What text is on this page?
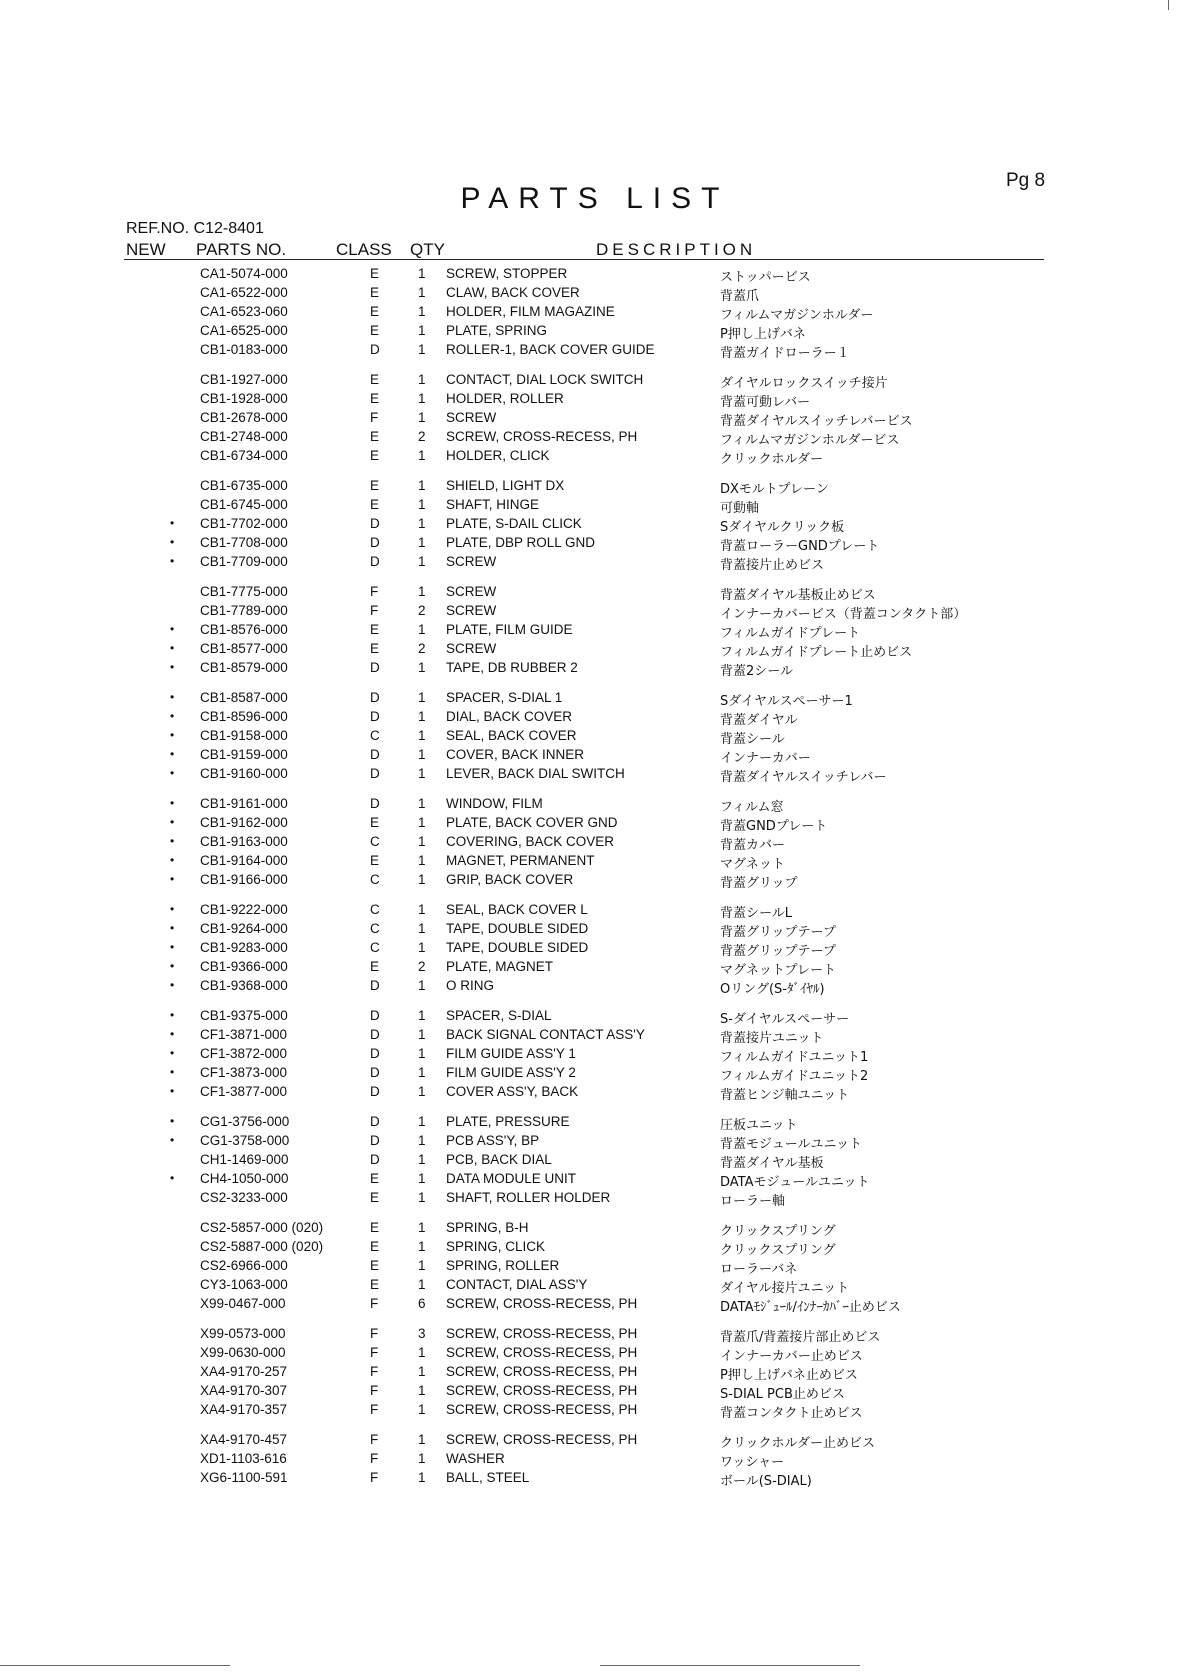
Pg 8
PARTS LIST
REF.NO. C12-8401
NEW PARTS NO.	CLASS QTY	DESCRIPTION
CA1-5074-000	E	1 SCREW, STOPPER	ストッパービス
CA1-6522-000	E	1 CLAW, BACK COVER	背蓋爪
CA1-6523-060	E	1 HOLDER, FILM MAGAZINE	フィルムマガジンホルダー
CA1-6525-000	E	1 PLATE, SPRING	P押し上げバネ
CB1-0183-000	D	1 ROLLER-1, BACK COVER GUIDE	背蓋ガイドローラー１
CB1-1927-000	E	1 CONTACT, DIAL LOCK SWITCH	ダイヤルロックスイッチ接片
CB1-1928-000	E	1 HOLDER, ROLLER	背蓋可動レバー
CB1-2678-000	F	1 SCREW	背蓋ダイヤルスイッチレバービス
CB1-2748-000	E	2 SCREW, CROSS-RECESS, PH	フィルムマガジンホルダービス
CB1-6734-000	E	1 HOLDER, CLICK	クリックホルダー
CB1-6735-000	E	1 SHIELD, LIGHT DX	DXモルトプレーン
CB1-6745-000	E	1 SHAFT, HINGE	可動軸
• CB1-7702-000	D	1 PLATE, S-DAIL CLICK	Sダイヤルクリック板
• CB1-7708-000	D	1 PLATE, DBP ROLL GND	背蓋ローラーGNDプレート
• CB1-7709-000	D	1 SCREW	背蓋接片止めビス
CB1-7775-000	F	1 SCREW	背蓋ダイヤル基板止めビス
CB1-7789-000	F	2 SCREW	インナーカバービス（背蓋コンタクト部）
• CB1-8576-000	E	1 PLATE, FILM GUIDE	フィルムガイドプレート
• CB1-8577-000	E	2 SCREW	フィルムガイドプレート止めビス
• CB1-8579-000	D	1 TAPE, DB RUBBER 2	背蓋2シール
• CB1-8587-000	D	1 SPACER, S-DIAL 1	Sダイヤルスペーサー1
• CB1-8596-000	D	1 DIAL, BACK COVER	背蓋ダイヤル
• CB1-9158-000	C	1 SEAL, BACK COVER	背蓋シール
• CB1-9159-000	D	1 COVER, BACK INNER	インナーカバー
• CB1-9160-000	D	1 LEVER, BACK DIAL SWITCH	背蓋ダイヤルスイッチレバー
• CB1-9161-000	D	1 WINDOW, FILM	フィルム窓
• CB1-9162-000	E	1 PLATE, BACK COVER GND	背蓋GNDプレート
• CB1-9163-000	C	1 COVERING, BACK COVER	背蓋カバー
• CB1-9164-000	E	1 MAGNET, PERMANENT	マグネット
• CB1-9166-000	C	1 GRIP, BACK COVER	背蓋グリップ
• CB1-9222-000	C	1 SEAL, BACK COVER L	背蓋シールL
• CB1-9264-000	C	1 TAPE, DOUBLE SIDED	背蓋グリップテープ
• CB1-9283-000	C	1 TAPE, DOUBLE SIDED	背蓋グリップテープ
• CB1-9366-000	E	2 PLATE, MAGNET	マグネットプレート
• CB1-9368-000	D	1 O RING	Oリング(S-ﾀﾞｲﾔﾙ)
• CB1-9375-000	D	1 SPACER, S-DIAL	S-ダイヤルスペーサー
• CF1-3871-000	D	1 BACK SIGNAL CONTACT ASS'Y	背蓋接片ユニット
• CF1-3872-000	D	1 FILM GUIDE ASS'Y 1	フィルムガイドユニット1
• CF1-3873-000	D	1 FILM GUIDE ASS'Y 2	フィルムガイドユニット2
• CF1-3877-000	D	1 COVER ASS'Y, BACK	背蓋ヒンジ軸ユニット
• CG1-3756-000	D	1 PLATE, PRESSURE	圧板ユニット
• CG1-3758-000	D	1 PCB ASS'Y, BP	背蓋モジュールユニット
CH1-1469-000	D	1 PCB, BACK DIAL	背蓋ダイヤル基板
• CH4-1050-000	E	1 DATA MODULE UNIT	DATAモジュールユニット
CS2-3233-000	E	1 SHAFT, ROLLER HOLDER	ローラー軸
CS2-5857-000 (020)	E	1 SPRING, B-H	クリックスプリング
CS2-5887-000 (020)	E	1 SPRING, CLICK	クリックスプリング
CS2-6966-000	E	1 SPRING, ROLLER	ローラーバネ
CY3-1063-000	E	1 CONTACT, DIAL ASS'Y	ダイヤル接片ユニット
X99-0467-000	F	6 SCREW, CROSS-RECESS, PH	DATAﾓｼﾞｭｰﾙ/ｲﾝﾅｰｶﾊﾞｰ止めビス
X99-0573-000	F	3 SCREW, CROSS-RECESS, PH	背蓋爪/背蓋接片部止めビス
X99-0630-000	F	1 SCREW, CROSS-RECESS, PH	インナーカバー止めビス
XA4-9170-257	F	1 SCREW, CROSS-RECESS, PH	P押し上げバネ止めビス
XA4-9170-307	F	1 SCREW, CROSS-RECESS, PH	S-DIAL PCB止めビス
XA4-9170-357	F	1 SCREW, CROSS-RECESS, PH	背蓋コンタクト止めビス
XA4-9170-457	F	1 SCREW, CROSS-RECESS, PH	クリックホルダー止めビス
XD1-1103-616	F	1 WASHER	ワッシャー
XG6-1100-591	F	1 BALL, STEEL	ボール(S-DIAL)
